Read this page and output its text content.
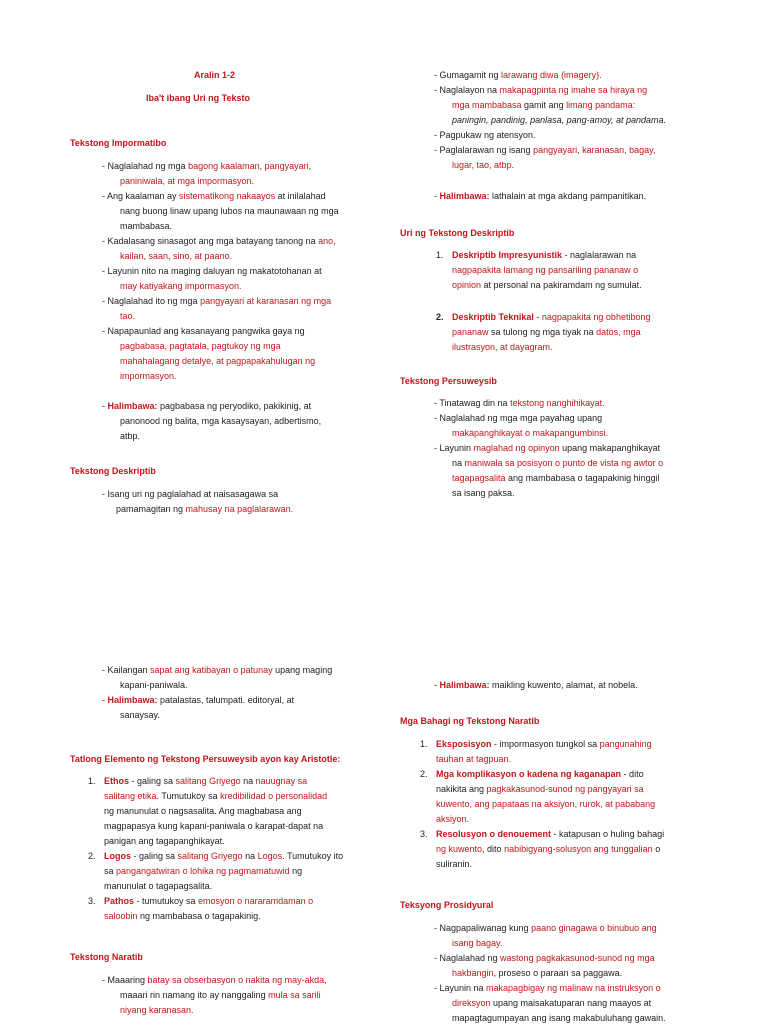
Aralin 1-2
Iba't ibang Uri ng Teksto
Tekstong Impormatibo
- Naglalahad ng mga bagong kaalaman, pangyayari,
paniniwala, at mga impormasyon.
- Ang kaalaman ay sistematikong nakaayos at inilalahad
nang buong linaw upang lubos na maunawaan ng mga
mambabasa.
- Kadalasang sinasagot ang mga batayang tanong na ano,
kailan, saan, sino, at paano.
- Layunin nito na maging daluyan ng makatotohanan at
may katiyakang impormasyon.
- Naglalahad ito ng mga pangyayari at karanasan ng mga
tao.
- Napapaunlad ang kasanayang pangwika gaya ng
pagbabasa, pagtatala, pagtukoy ng mga
mahahalagang detalye, at pagpapakahulugan ng
impormasyon.
- Halimbawa: pagbabasa ng peryodiko, pakikinig, at
panonood ng balita, mga kasaysayan, adbertismo,
atbp.
Tekstong Deskriptib
- Isang uri ng paglalahad at naisasagawa sa
pamamagitan ng mahusay na paglalarawan.
- Kailangan sapat ang katibayan o patunay upang maging
kapani-paniwala.
- Halimbawa: patalastas, talumpati. editoryal, at
sanaysay.
Tatlong Elemento ng Tekstong Persuweysib ayon kay Aristotle:
1. Ethos - galing sa salitang Griyego na nauugnay sa
salitang etika. Tumutukoy sa kredibilidad o personalidad
ng manunulat o nagsasalita. Ang magbabasa ang
magpapasya kung kapani-paniwala o karapat-dapat na
panigan ang tagapanghikayat.
2. Logos - galing sa salitang Griyego na Logos. Tumutukoy ito
sa pangangatwiran o lohika ng pagmamatuwid ng
manunulat o tagapagsalita.
3. Pathos - tumutukoy sa emosyon o nararamdaman o
saloobin ng mambabasa o tagapakinig.
Tekstong Naratib
- Maaaring batay sa obserbasyon o nakita ng may-akda,
maaari rin namang ito ay nanggaling mula sa sarili
niyang karanasan.
- Gumagamit ng larawang diwa (imagery).
- Naglalayon na makapagpinta ng imahe sa hiraya ng
mga mambabasa gamit ang limang pandama:
paningin, pandinig, panlasa, pang-amoy, at pandama.
- Pagpukaw ng atensyon.
- Paglalarawan ng isang pangyayari, karanasan, bagay,
lugar, tao, atbp.
- Halimbawa: lathalain at mga akdang pampanitikan.
Uri ng Tekstong Deskriptib
1. Deskriptib Impresyunistik - naglalarawan na
nagpapakita lamang ng pansariling pananaw o
opinion at personal na pakiramdam ng sumulat.
2. Deskriptib Teknikal - nagpapakita ng obhetibong
pananaw sa tulong ng mga tiyak na datos, mga
ilustrasyon, at dayagram.
Tekstong Persuweysib
- Tinatawag din na tekstong nanghihikayat.
- Naglalahad ng mga mga payahag upang
makapanghikayat o makapangumbinsi.
- Layunin maglahad ng opinyon upang makapanghikayat
na maniwala sa posisyon o punto de vista ng awtor o
tagapagsalita ang mambabasa o tagapakinig hinggil
sa isang paksa.
- Halimbawa: maikling kuwento, alamat, at nobela.
Mga Bahagi ng Tekstong Naratib
1. Eksposisyon - impormasyon tungkol sa pangunahing
tauhan at tagpuan.
2. Mga komplikasyon o kadena ng kaganapan - dito
nakikita ang pagkakasunod-sunod ng pangyayari sa
kuwento, ang papataas na aksiyon, rurok, at pababang
aksiyon.
3. Resolusyon o denouement - katapusan o huling bahagi
ng kuwento, dito nabibigyang-solusyon ang tunggalian o
suliranin.
Teksyong Prosidyural
- Nagpapaliwanag kung paano ginagawa o binubuo ang
isang bagay.
- Naglalahad ng wastong pagkakasunod-sunod ng mga
hakbangin, proseso o paraan sa paggawa.
- Layunin na makapagbigay ng malinaw na instruksyon o
direksyon upang maisakatuparan nang maayos at
mapagtagumpayan ang isang makabuluhang gawain.
